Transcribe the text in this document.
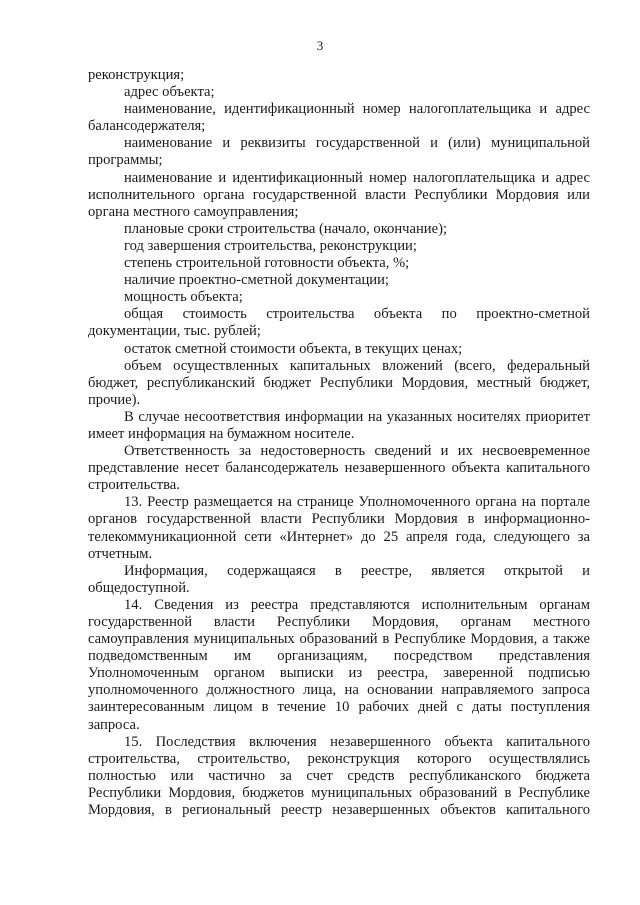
3

реконструкция;

адрес объекта;

наименование, идентификационный номер налогоплательщика и адрес балансодержателя;

наименование и реквизиты государственной и (или) муниципальной программы;

наименование и идентификационный номер налогоплательщика и адрес исполнительного органа государственной власти Республики Мордовия или органа местного самоуправления;

плановые сроки строительства (начало, окончание);

год завершения строительства, реконструкции;

степень строительной готовности объекта, %;

наличие проектно-сметной документации;

мощность объекта;

общая стоимость строительства объекта по проектно-сметной документации, тыс. рублей;

остаток сметной стоимости объекта, в текущих ценах;

объем осуществленных капитальных вложений (всего, федеральный бюджет, республиканский бюджет Республики Мордовия, местный бюджет, прочие).

В случае несоответствия информации на указанных носителях приоритет имеет информация на бумажном носителе.

Ответственность за недостоверность сведений и их несвоевременное представление несет балансодержатель незавершенного объекта капитального строительства.

13. Реестр размещается на странице Уполномоченного органа на портале органов государственной власти Республики Мордовия в информационно-телекоммуникационной сети «Интернет» до 25 апреля года, следующего за отчетным.

Информация, содержащаяся в реестре, является открытой и общедоступной.

14. Сведения из реестра представляются исполнительным органам государственной власти Республики Мордовия, органам местного самоуправления муниципальных образований в Республике Мордовия, а также подведомственным им организациям, посредством представления Уполномоченным органом выписки из реестра, заверенной подписью уполномоченного должностного лица, на основании направляемого запроса заинтересованным лицом в течение 10 рабочих дней с даты поступления запроса.

15. Последствия включения незавершенного объекта капитального строительства, строительство, реконструкция которого осуществлялись полностью или частично за счет средств республиканского бюджета Республики Мордовия, бюджетов муниципальных образований в Республике Мордовия, в региональный реестр незавершенных объектов капитального
